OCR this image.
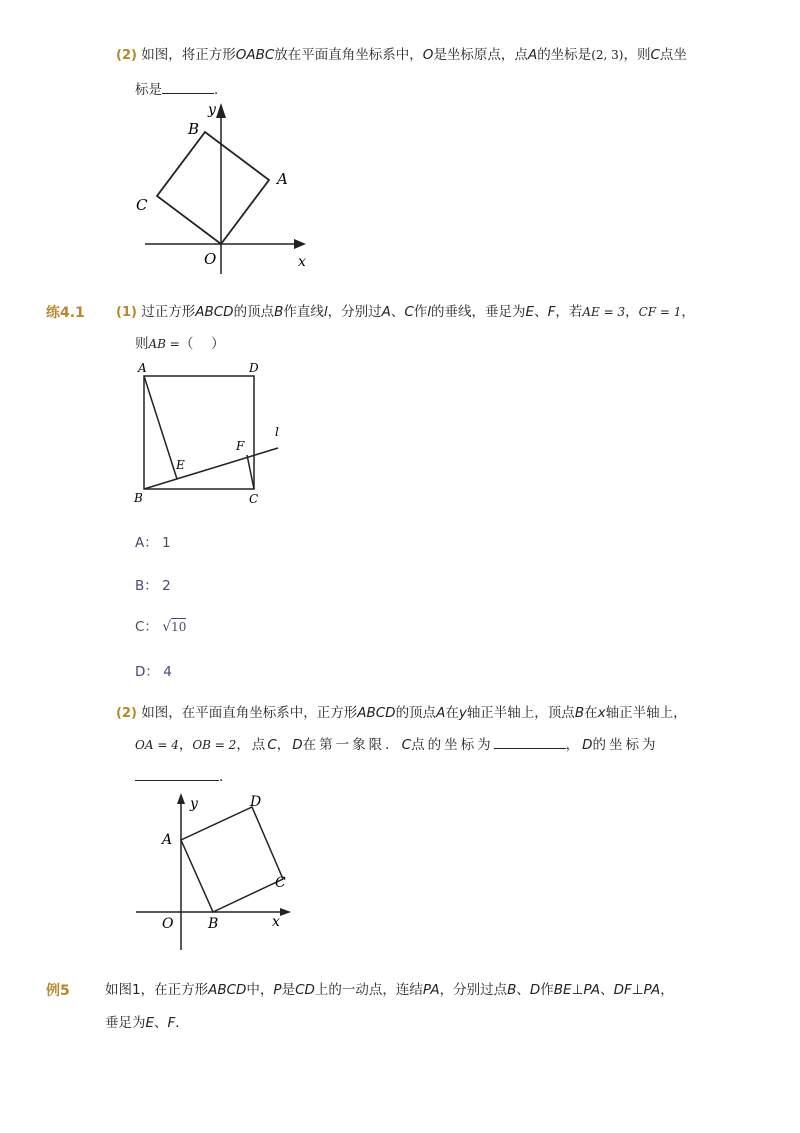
(2) 如图，将正方形OABC放在平面直角坐标系中，O是坐标原点，点A的坐标是(2, 3)，则C点坐
标是	．
y
B
A
C
O	x
练4.1 (1) 过正方形ABCD的顶点B作直线l，分别过A、C作l的垂线，垂足为E、F，若AE = 3，CF = 1，
则AB =（　 ）
A	D
B	C
E
F
l
A： 1
B： 2
C： √10
D： 4
(2) 如图，在平面直角坐标系中，正方形ABCD的顶点A在y轴正半轴上，顶点B在x轴正半轴上，
OA = 4，OB = 2，点C，D在第一象限．C点的坐标为	，D的坐标为
．
y	D
A
C
O B	x
例5	如图1，在正方形ABCD中，P是CD上的一动点，连结PA，分别过点B、D作BE⊥PA、DF⊥PA，
垂足为E、F．
